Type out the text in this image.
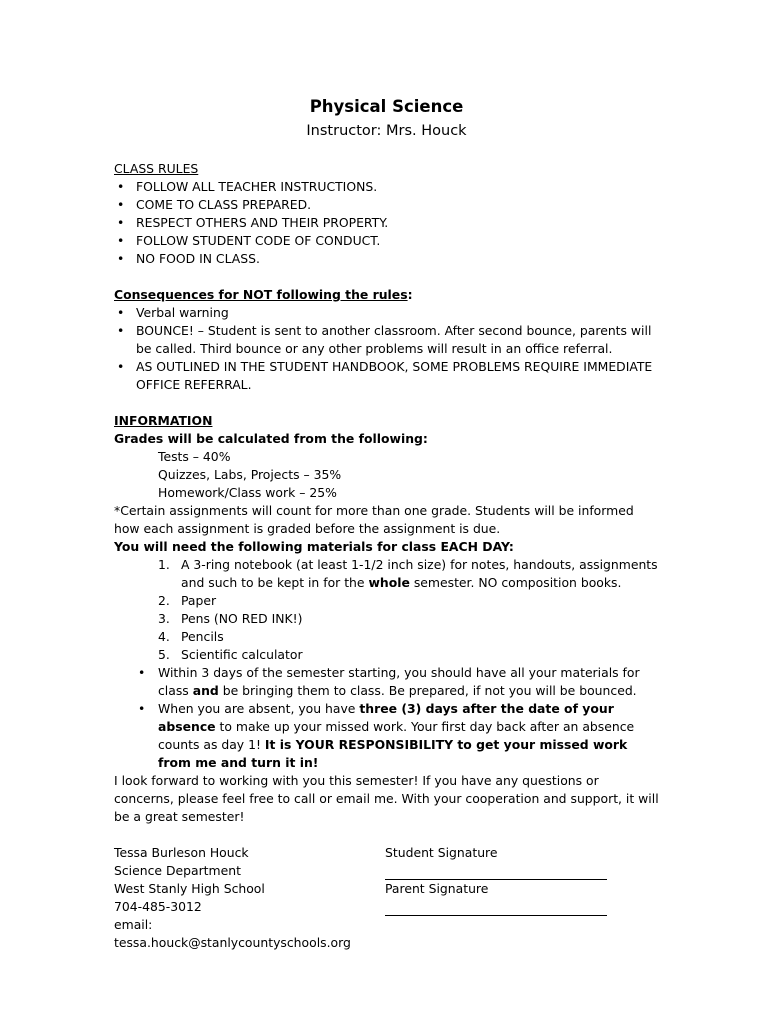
Physical Science
Instructor: Mrs. Houck
CLASS RULES
• FOLLOW ALL TEACHER INSTRUCTIONS.
• COME TO CLASS PREPARED.
• RESPECT OTHERS AND THEIR PROPERTY.
• FOLLOW STUDENT CODE OF CONDUCT.
• NO FOOD IN CLASS.
Consequences for NOT following the rules:
• Verbal warning
• BOUNCE! – Student is sent to another classroom. After second bounce, parents will be called. Third bounce or any other problems will result in an office referral.
• AS OUTLINED IN THE STUDENT HANDBOOK, SOME PROBLEMS REQUIRE IMMEDIATE OFFICE REFERRAL.
INFORMATION
Grades will be calculated from the following:
Tests – 40%
Quizzes, Labs, Projects – 35%
Homework/Class work – 25%
*Certain assignments will count for more than one grade. Students will be informed how each assignment is graded before the assignment is due.
You will need the following materials for class EACH DAY:
1. A 3-ring notebook (at least 1-1/2 inch size) for notes, handouts, assignments and such to be kept in for the whole semester. NO composition books.
2. Paper
3. Pens (NO RED INK!)
4. Pencils
5. Scientific calculator
• Within 3 days of the semester starting, you should have all your materials for class and be bringing them to class. Be prepared, if not you will be bounced.
• When you are absent, you have three (3) days after the date of your absence to make up your missed work. Your first day back after an absence counts as day 1! It is YOUR RESPONSIBILITY to get your missed work from me and turn it in!
I look forward to working with you this semester! If you have any questions or concerns, please feel free to call or email me. With your cooperation and support, it will be a great semester!
Tessa Burleson Houck
Science Department
West Stanly High School
704-485-3012
email: tessa.houck@stanlycountyschools.org
Student Signature
Parent Signature
